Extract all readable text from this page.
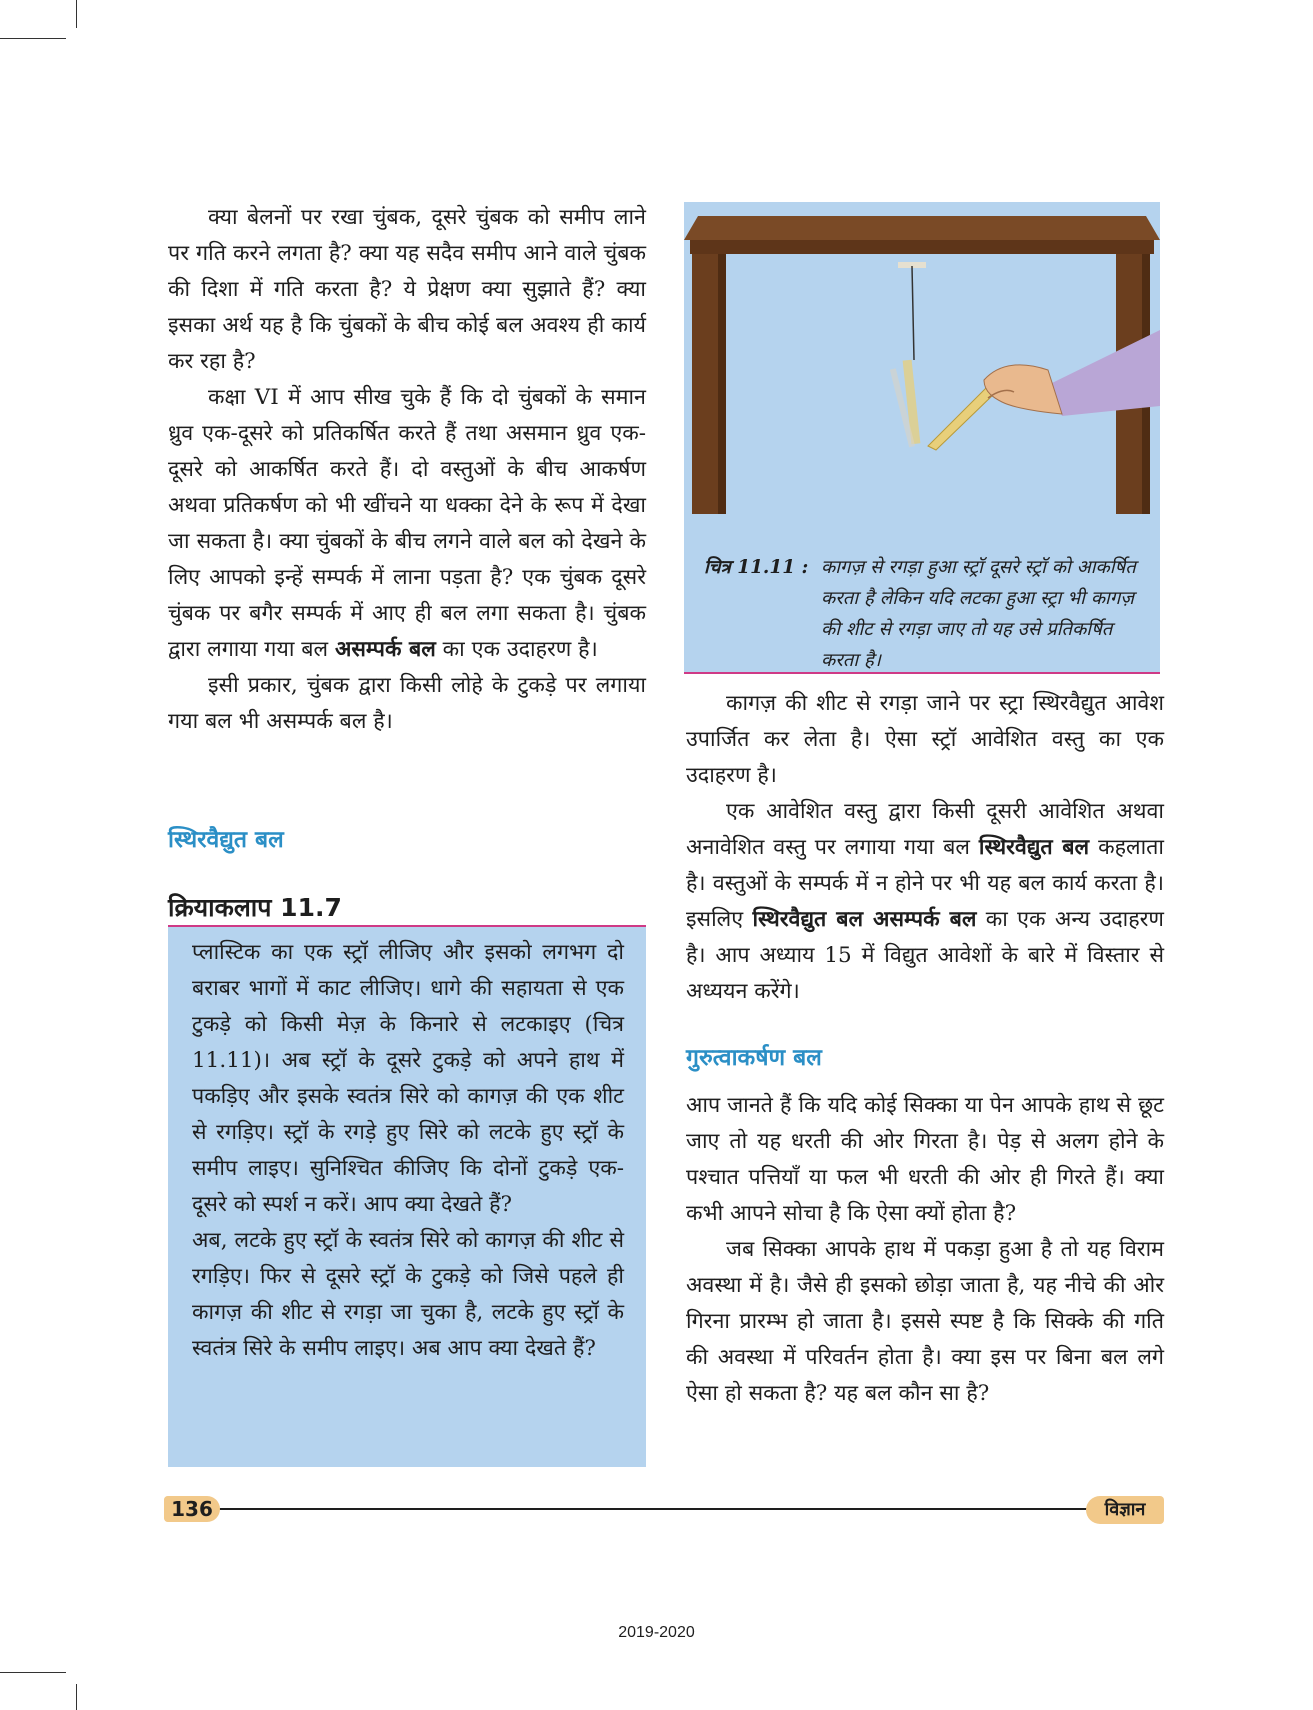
क्या बेलनों पर रखा चुंबक, दूसरे चुंबक को समीप लाने पर गति करने लगता है? क्या यह सदैव समीप आने वाले चुंबक की दिशा में गति करता है? ये प्रेक्षण क्या सुझाते हैं? क्या इसका अर्थ यह है कि चुंबकों के बीच कोई बल अवश्य ही कार्य कर रहा है?

कक्षा VI में आप सीख चुके हैं कि दो चुंबकों के समान ध्रुव एक-दूसरे को प्रतिकर्षित करते हैं तथा असमान ध्रुव एक-दूसरे को आकर्षित करते हैं। दो वस्तुओं के बीच आकर्षण अथवा प्रतिकर्षण को भी खींचने या धक्का देने के रूप में देखा जा सकता है। क्या चुंबकों के बीच लगने वाले बल को देखने के लिए आपको इन्हें सम्पर्क में लाना पड़ता है? एक चुंबक दूसरे चुंबक पर बगैर सम्पर्क में आए ही बल लगा सकता है। चुंबक द्वारा लगाया गया बल असम्पर्क बल का एक उदाहरण है।

इसी प्रकार, चुंबक द्वारा किसी लोहे के टुकड़े पर लगाया गया बल भी असम्पर्क बल है।

स्थिरवैद्युत बल
क्रियाकलाप 11.7

प्लास्टिक का एक स्ट्रॉ लीजिए और इसको लगभग दो बराबर भागों में काट लीजिए। धागे की सहायता से एक टुकड़े को किसी मेज़ के किनारे से लटकाइए (चित्र 11.11)। अब स्ट्रॉ के दूसरे टुकड़े को अपने हाथ में पकड़िए और इसके स्वतंत्र सिरे को कागज़ की एक शीट से रगड़िए। स्ट्रॉ के रगड़े हुए सिरे को लटके हुए स्ट्रॉ के समीप लाइए। सुनिश्चित कीजिए कि दोनों टुकड़े एक-दूसरे को स्पर्श न करें। आप क्या देखते हैं?

अब, लटके हुए स्ट्रॉ के स्वतंत्र सिरे को कागज़ की शीट से रगड़िए। फिर से दूसरे स्ट्रॉ के टुकड़े को जिसे पहले ही कागज़ की शीट से रगड़ा जा चुका है, लटके हुए स्ट्रॉ के स्वतंत्र सिरे के समीप लाइए। अब आप क्या देखते हैं?

चित्र 11.11 : कागज़ से रगड़ा हुआ स्ट्रॉ दूसरे स्ट्रॉ को आकर्षित करता है लेकिन यदि लटका हुआ स्ट्रा भी कागज़ की शीट से रगड़ा जाए तो यह उसे प्रतिकर्षित करता है।

कागज़ की शीट से रगड़ा जाने पर स्ट्रा स्थिरवैद्युत आवेश उपार्जित कर लेता है। ऐसा स्ट्रॉ आवेशित वस्तु का एक उदाहरण है।

एक आवेशित वस्तु द्वारा किसी दूसरी आवेशित अथवा अनावेशित वस्तु पर लगाया गया बल स्थिरवैद्युत बल कहलाता है। वस्तुओं के सम्पर्क में न होने पर भी यह बल कार्य करता है। इसलिए स्थिरवैद्युत बल असम्पर्क बल का एक अन्य उदाहरण है। आप अध्याय 15 में विद्युत आवेशों के बारे में विस्तार से अध्ययन करेंगे।

गुरुत्वाकर्षण बल

आप जानते हैं कि यदि कोई सिक्का या पेन आपके हाथ से छूट जाए तो यह धरती की ओर गिरता है। पेड़ से अलग होने के पश्चात पत्तियाँ या फल भी धरती की ओर ही गिरते हैं। क्या कभी आपने सोचा है कि ऐसा क्यों होता है?

जब सिक्का आपके हाथ में पकड़ा हुआ है तो यह विराम अवस्था में है। जैसे ही इसको छोड़ा जाता है, यह नीचे की ओर गिरना प्रारम्भ हो जाता है। इससे स्पष्ट है कि सिक्के की गति की अवस्था में परिवर्तन होता है। क्या इस पर बिना बल लगे ऐसा हो सकता है? यह बल कौन सा है?

136	विज्ञान
2019-2020
